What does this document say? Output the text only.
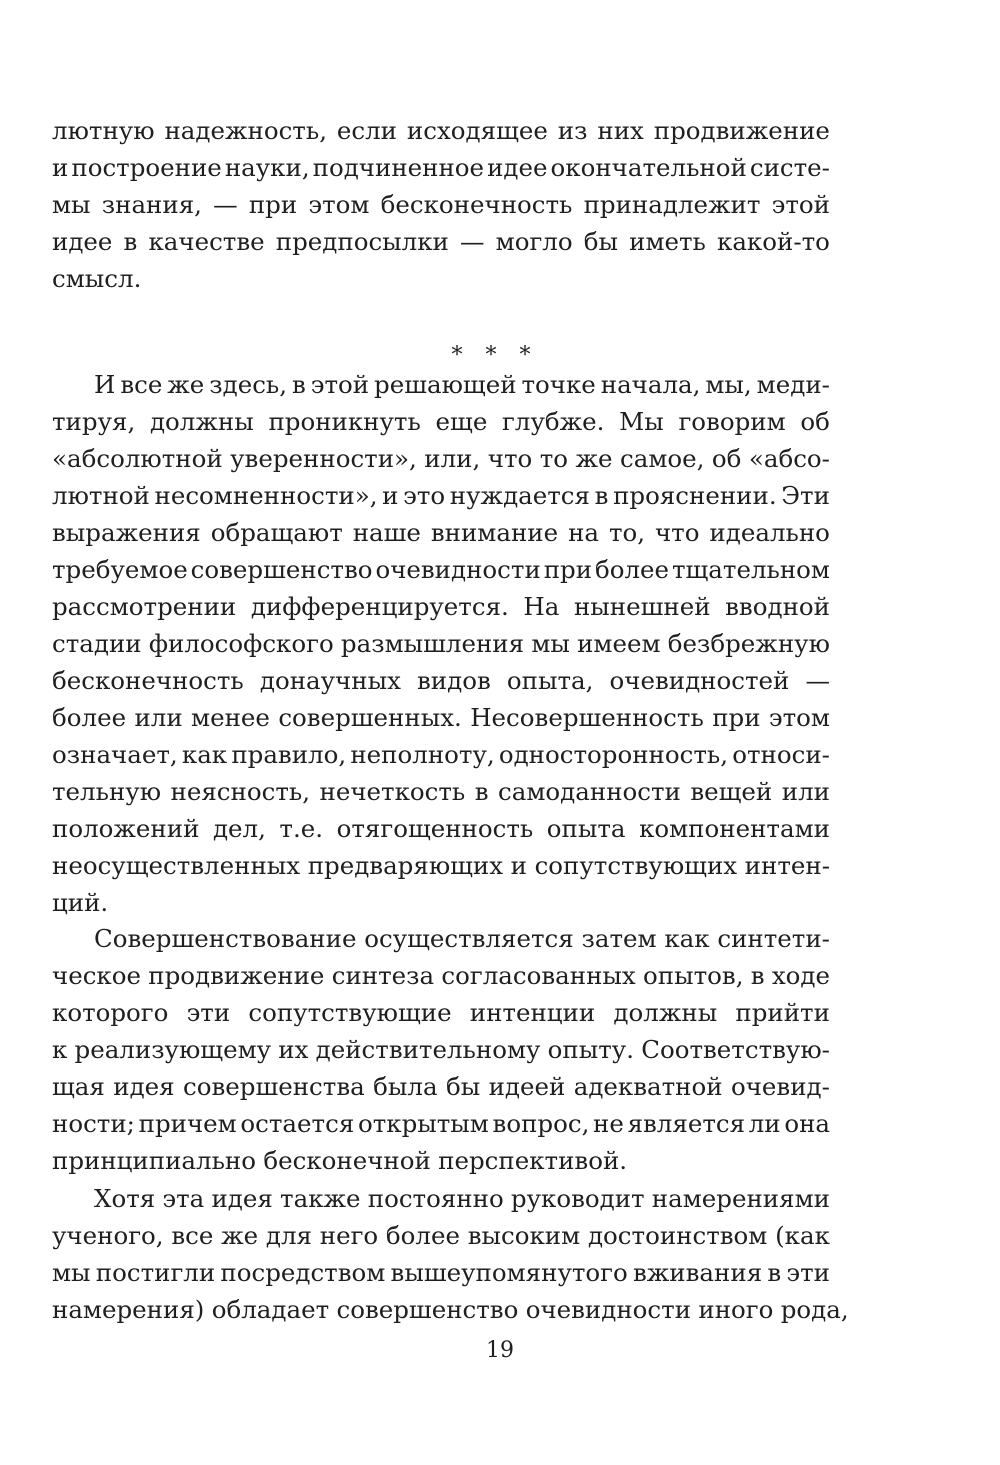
лютную надежность, если исходящее из них продвижение
и построение науки, подчиненное идее окончательной систе-
мы знания, — при этом бесконечность принадлежит этой
идее в качестве предпосылки — могло бы иметь какой-то
смысл.
И все же здесь, в этой решающей точке начала, мы, меди-
тируя, должны проникнуть еще глубже. Мы говорим об
«абсолютной уверенности», или, что то же самое, об «абсо-
лютной несомненности», и это нуждается в прояснении. Эти
выражения обращают наше внимание на то, что идеально
требуемое совершенство очевидности при более тщательном
рассмотрении дифференцируется. На нынешней вводной
стадии философского размышления мы имеем безбрежную
бесконечность донаучных видов опыта, очевидностей —
более или менее совершенных. Несовершенность при этом
означает, как правило, неполноту, односторонность, относи-
тельную неясность, нечеткость в самоданности вещей или
положений дел, т.е. отягощенность опыта компонентами
неосуществленных предваряющих и сопутствующих интен-
ций.
Совершенствование осуществляется затем как синтети-
ческое продвижение синтеза согласованных опытов, в ходе
которого эти сопутствующие интенции должны прийти
к реализующему их действительному опыту. Соответствую-
щая идея совершенства была бы идеей адекватной очевид-
ности; причем остается открытым вопрос, не является ли она
принципиально бесконечной перспективой.
Хотя эта идея также постоянно руководит намерениями
ученого, все же для него более высоким достоинством (как
мы постигли посредством вышеупомянутого вживания в эти
намерения) обладает совершенство очевидности иного рода,
* * *
19
